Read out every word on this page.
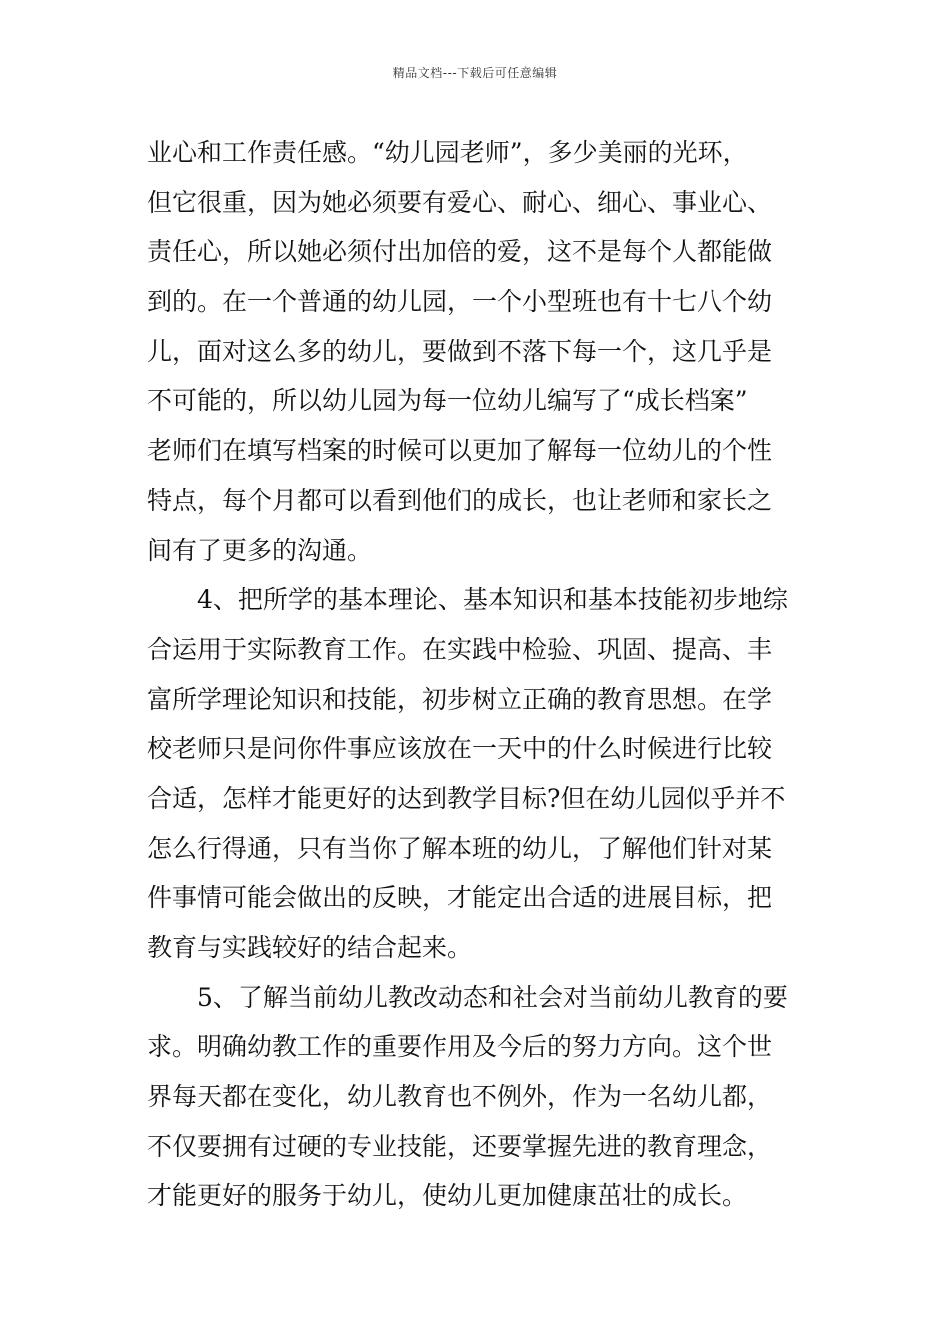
精品文档---下载后可任意编辑
业心和工作责任感。“幼儿园老师”，多少美丽的光环，
但它很重，因为她必须要有爱心、耐心、细心、事业心、
责任心，所以她必须付出加倍的爱，这不是每个人都能做
到的。在一个普通的幼儿园，一个小型班也有十七八个幼
儿，面对这么多的幼儿，要做到不落下每一个，这几乎是
不可能的，所以幼儿园为每一位幼儿编写了“成长档案”
老师们在填写档案的时候可以更加了解每一位幼儿的个性
特点，每个月都可以看到他们的成长，也让老师和家长之
间有了更多的沟通。
4、把所学的基本理论、基本知识和基本技能初步地综
合运用于实际教育工作。在实践中检验、巩固、提高、丰
富所学理论知识和技能，初步树立正确的教育思想。在学
校老师只是问你件事应该放在一天中的什么时候进行比较
合适，怎样才能更好的达到教学目标?但在幼儿园似乎并不
怎么行得通，只有当你了解本班的幼儿，了解他们针对某
件事情可能会做出的反映，才能定出合适的进展目标，把
教育与实践较好的结合起来。
5、了解当前幼儿教改动态和社会对当前幼儿教育的要
求。明确幼教工作的重要作用及今后的努力方向。这个世
界每天都在变化，幼儿教育也不例外，作为一名幼儿都，
不仅要拥有过硬的专业技能，还要掌握先进的教育理念，
才能更好的服务于幼儿，使幼儿更加健康茁壮的成长。
